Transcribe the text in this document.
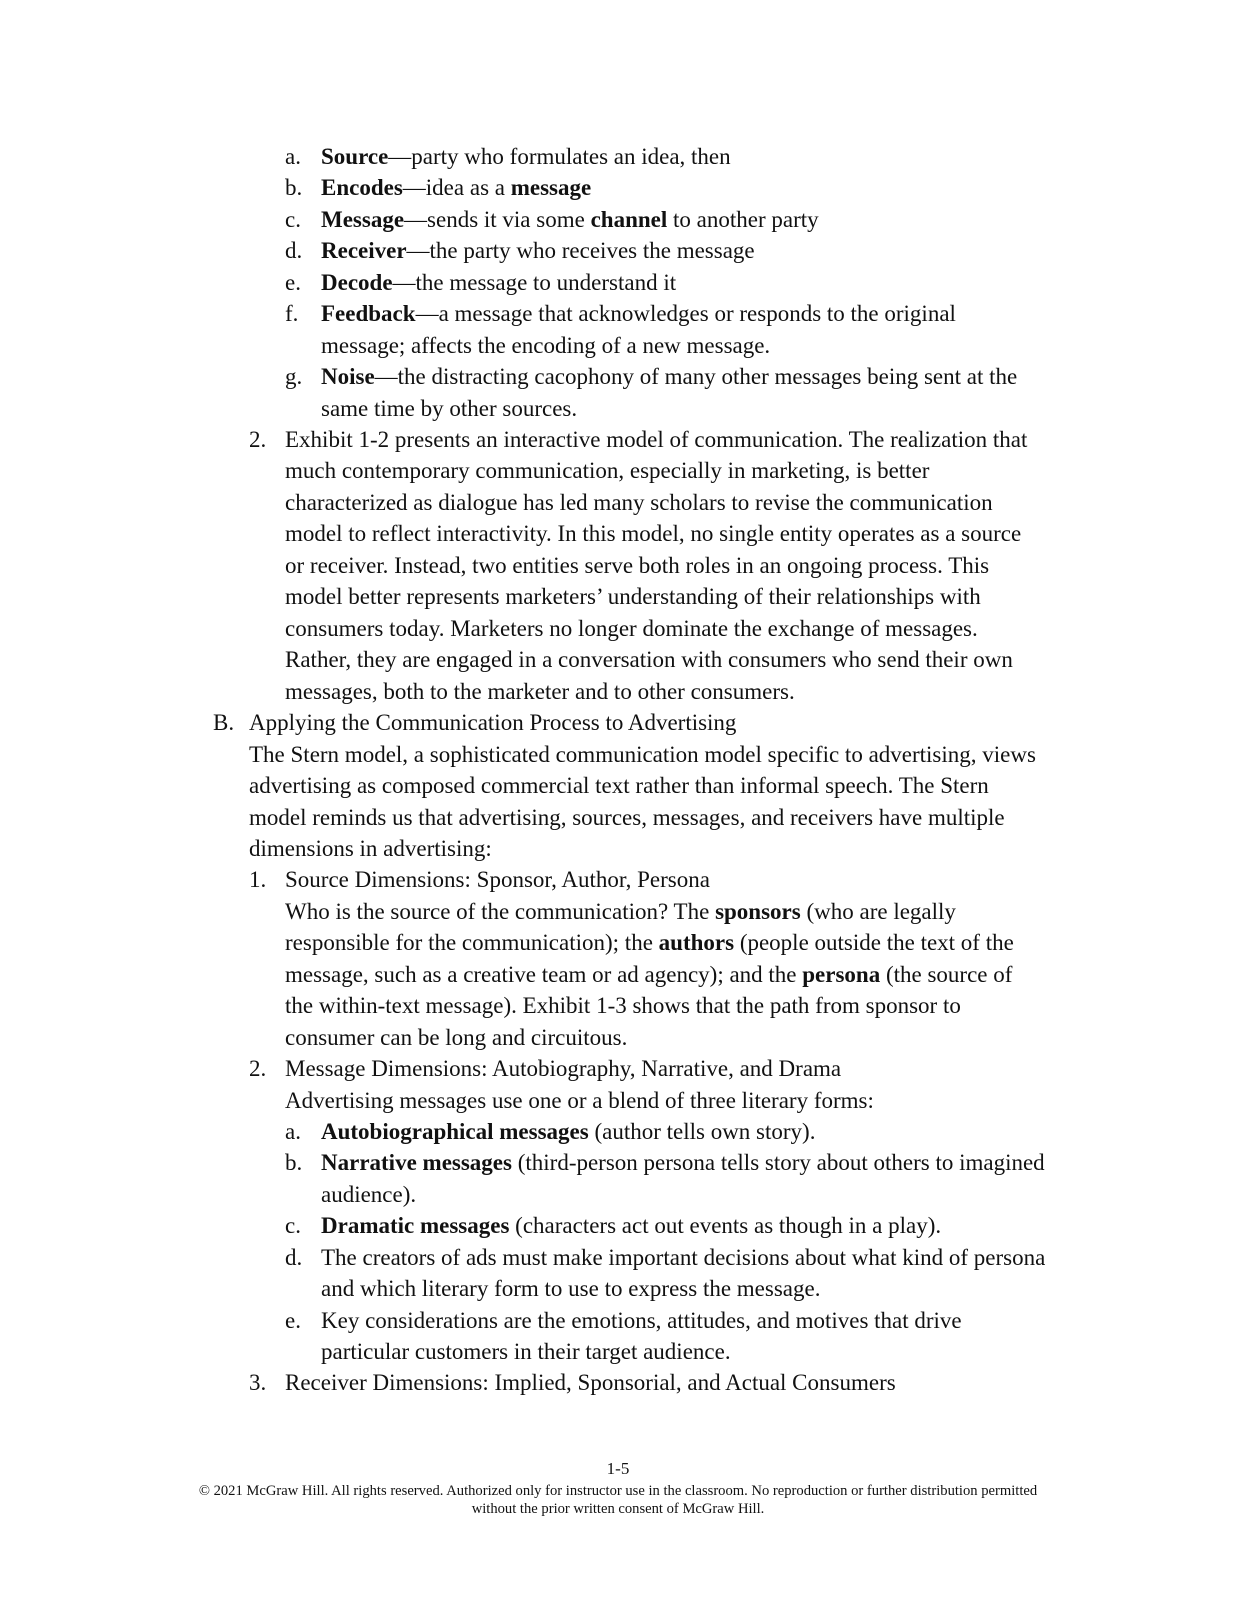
a. Source—party who formulates an idea, then
b. Encodes—idea as a message
c. Message—sends it via some channel to another party
d. Receiver—the party who receives the message
e. Decode—the message to understand it
f. Feedback—a message that acknowledges or responds to the original
message; affects the encoding of a new message.
g. Noise—the distracting cacophony of many other messages being sent at the
same time by other sources.
2. Exhibit 1-2 presents an interactive model of communication. The realization that
much contemporary communication, especially in marketing, is better
characterized as dialogue has led many scholars to revise the communication
model to reflect interactivity. In this model, no single entity operates as a source
or receiver. Instead, two entities serve both roles in an ongoing process. This
model better represents marketers’ understanding of their relationships with
consumers today. Marketers no longer dominate the exchange of messages.
Rather, they are engaged in a conversation with consumers who send their own
messages, both to the marketer and to other consumers.
B. Applying the Communication Process to Advertising
The Stern model, a sophisticated communication model specific to advertising, views
advertising as composed commercial text rather than informal speech. The Stern
model reminds us that advertising, sources, messages, and receivers have multiple
dimensions in advertising:
1. Source Dimensions: Sponsor, Author, Persona
Who is the source of the communication? The sponsors (who are legally
responsible for the communication); the authors (people outside the text of the
message, such as a creative team or ad agency); and the persona (the source of
the within-text message). Exhibit 1-3 shows that the path from sponsor to
consumer can be long and circuitous.
2. Message Dimensions: Autobiography, Narrative, and Drama
Advertising messages use one or a blend of three literary forms:
a. Autobiographical messages (author tells own story).
b. Narrative messages (third-person persona tells story about others to imagined
audience).
c. Dramatic messages (characters act out events as though in a play).
d. The creators of ads must make important decisions about what kind of persona
and which literary form to use to express the message.
e. Key considerations are the emotions, attitudes, and motives that drive
particular customers in their target audience.
3. Receiver Dimensions: Implied, Sponsorial, and Actual Consumers
1-5
© 2021 McGraw Hill. All rights reserved. Authorized only for instructor use in the classroom. No reproduction or further distribution permitted
without the prior written consent of McGraw Hill.
